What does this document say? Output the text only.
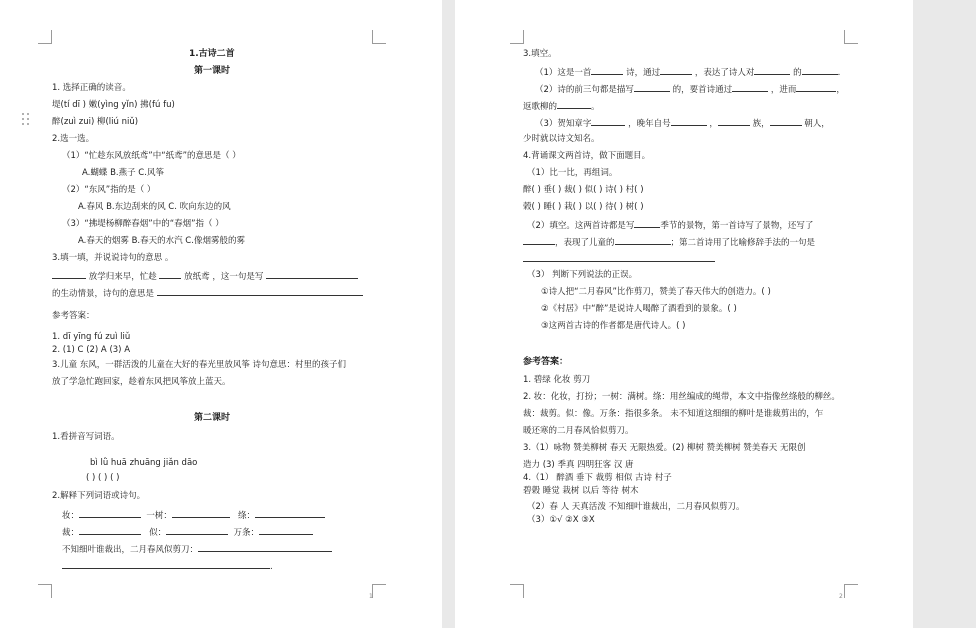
1.古诗二首
第一课时
1. 选择正确的读音。
堤(tí dī ) 嫩(yìng yǐn) 拂(fú fu)
醉(zuì zui) 柳(liú niǔ)
2.选一选。
（1）“忙趁东风放纸鸢”中“纸鸢”的意思是（ ）
A.蝴蝶 B.燕子 C.风筝
（2）“东风”指的是（ ）
A.春风 B.东边刮来的风 C. 吹向东边的风
（3）“拂堤杨柳醉春烟”中的“春烟”指（ ）
A.春天的烟雾 B.春天的水汽 C.像烟雾般的雾
3.填一填，并说说诗句的意思 。
放学归来早，忙趁	放纸鸢 ，这一句是写
的生动情景，诗句的意思是
参考答案：
1. dī yīng fú zuì liǔ
2. (1) C (2) A (3) A
3.儿童 东风，一群活泼的儿童在大好的春光里放风筝 诗句意思：村里的孩子们
放了学急忙跑回家，趁着东风把风筝放上蓝天。
第二课时
1.看拼音写词语。
bì lǜ huā zhuāng jiǎn dāo
( ) ( ) ( )
2.解释下列词语或诗句。
妆：	一树：	绦：
裁：	似：	万条：
不知细叶谁裁出，二月春风似剪刀：
.
1
3.填空。
（1）这是一首	诗，通过	，表达了诗人对	的	.
（2）诗的前三句都是描写	的，要首诗通过	，进而	，
返歌柳的	。
（3）贺知章字	，晚年自号	，	族，	朝人，
少时就以诗文知名。
4.背诵课文两首诗，做下面题目。
（1）比一比，再组词。
醉( ) 垂( ) 裁( ) 似( ) 诗( ) 村( )
榖( ) 睡( ) 栽( ) 以( ) 待( ) 树( )
（2）填空。这两首诗都是写	季节的景物，第一首诗写了景物，还写了
，表现了儿童的	；第二首诗用了比喻修辞手法的一句是
（3） 判断下列说法的正误。
①诗人把“二月春风”比作剪刀，赞美了春天伟大的创造力。( )
②《村居》中“醉”是说诗人喝醉了酒看到的景象。( )
③这两首古诗的作者都是唐代诗人。( )
参考答案：
1. 碧绿 化妆 剪刀
2. 妆：化妆，打扮；一树：满树。绦：用丝编成的绳带，本文中指像丝绦般的柳丝。
裁：裁剪。似：像。万条：指很多条。 未不知道这细细的柳叶是谁裁剪出的，乍
暖还寒的二月春风恰似剪刀。
3.（1）咏物 赞美柳树 春天 无限热爱。(2) 柳树 赞美柳树 赞美春天 无限创
造力 (3) 季真 四明狂客 汉 唐
4.（1） 醉酒 垂下 裁剪 相似 古诗 村子
碧榖 睡觉 栽树 以后 等待 树木
（2）春 人 天真活泼 不知细叶谁裁出，二月春风似剪刀。
（3）①√ ②X ③X
2
